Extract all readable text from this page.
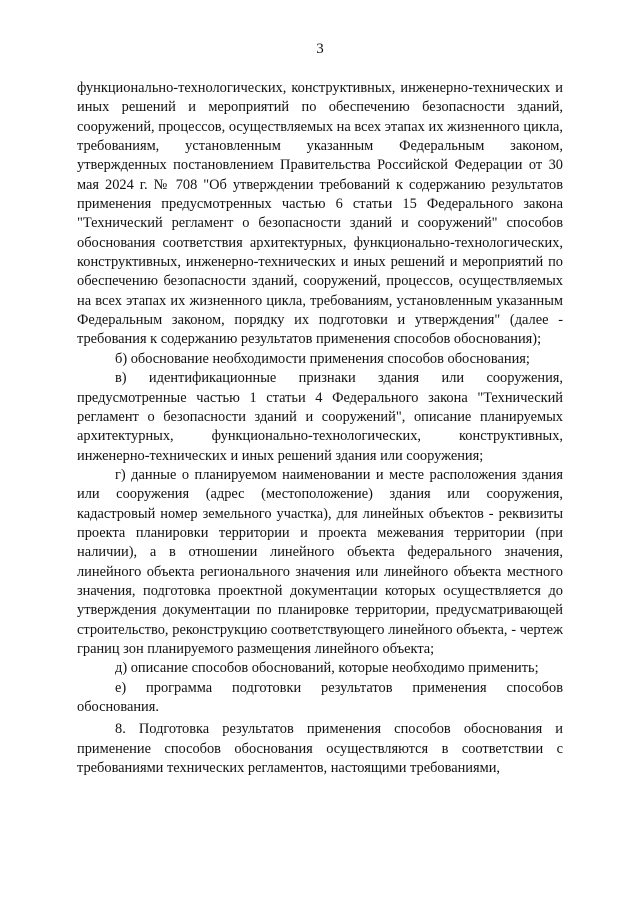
3

функционально-технологических, конструктивных, инженерно-технических и иных решений и мероприятий по обеспечению безопасности зданий, сооружений, процессов, осуществляемых на всех этапах их жизненного цикла, требованиям, установленным указанным Федеральным законом, утвержденных постановлением Правительства Российской Федерации от 30 мая 2024 г. № 708 "Об утверждении требований к содержанию результатов применения предусмотренных частью 6 статьи 15 Федерального закона "Технический регламент о безопасности зданий и сооружений" способов обоснования соответствия архитектурных, функционально-технологических, конструктивных, инженерно-технических и иных решений и мероприятий по обеспечению безопасности зданий, сооружений, процессов, осуществляемых на всех этапах их жизненного цикла, требованиям, установленным указанным Федеральным законом, порядку их подготовки и утверждения" (далее - требования к содержанию результатов применения способов обоснования);

б) обоснование необходимости применения способов обоснования;

в) идентификационные признаки здания или сооружения, предусмотренные частью 1 статьи 4 Федерального закона "Технический регламент о безопасности зданий и сооружений", описание планируемых архитектурных, функционально-технологических, конструктивных, инженерно-технических и иных решений здания или сооружения;

г) данные о планируемом наименовании и месте расположения здания или сооружения (адрес (местоположение) здания или сооружения, кадастровый номер земельного участка), для линейных объектов - реквизиты проекта планировки территории и проекта межевания территории (при наличии), а в отношении линейного объекта федерального значения, линейного объекта регионального значения или линейного объекта местного значения, подготовка проектной документации которых осуществляется до утверждения документации по планировке территории, предусматривающей строительство, реконструкцию соответствующего линейного объекта, - чертеж границ зон планируемого размещения линейного объекта;

д) описание способов обоснований, которые необходимо применить;

е) программа подготовки результатов применения способов обоснования.

8. Подготовка результатов применения способов обоснования и применение способов обоснования осуществляются в соответствии с требованиями технических регламентов, настоящими требованиями,
